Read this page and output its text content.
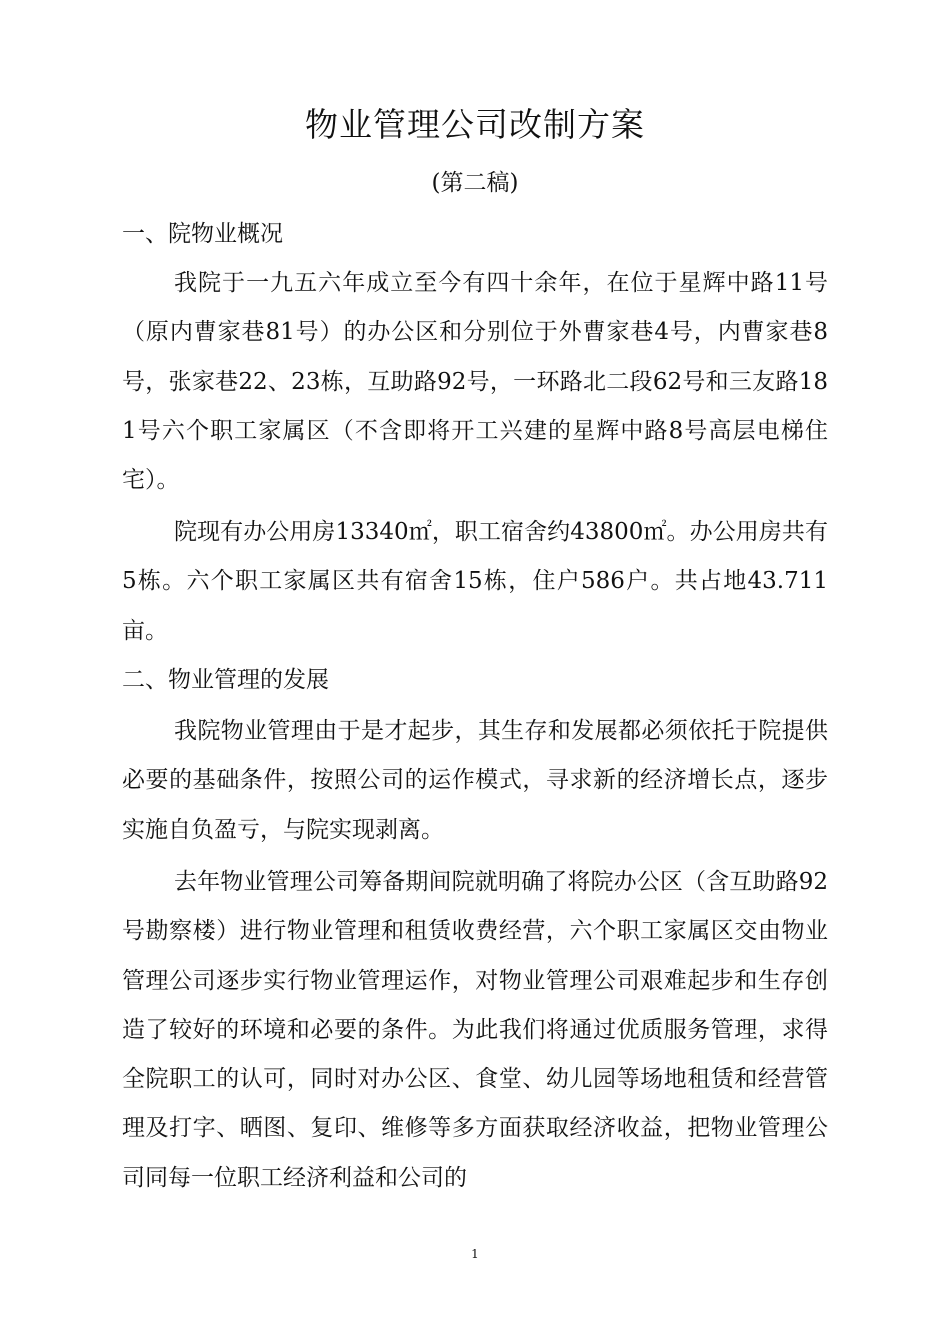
物业管理公司改制方案
(第二稿)
一、院物业概况

我院于一九五六年成立至今有四十余年，在位于星辉中路11号（原内曹家巷81号）的办公区和分别位于外曹家巷4号，内曹家巷8号，张家巷22、23栋，互助路92号，一环路北二段62号和三友路181号六个职工家属区（不含即将开工兴建的星辉中路8号高层电梯住宅）。

院现有办公用房13340㎡，职工宿舍约43800㎡。办公用房共有5栋。六个职工家属区共有宿舍15栋，住户586户。共占地43.711亩。

二、物业管理的发展

我院物业管理由于是才起步，其生存和发展都必须依托于院提供必要的基础条件，按照公司的运作模式，寻求新的经济增长点，逐步实施自负盈亏，与院实现剥离。

去年物业管理公司筹备期间院就明确了将院办公区（含互助路92号勘察楼）进行物业管理和租赁收费经营，六个职工家属区交由物业管理公司逐步实行物业管理运作，对物业管理公司艰难起步和生存创造了较好的环境和必要的条件。为此我们将通过优质服务管理，求得全院职工的认可，同时对办公区、食堂、幼儿园等场地租赁和经营管理及打字、晒图、复印、维修等多方面获取经济收益，把物业管理公司同每一位职工经济利益和公司的

1
